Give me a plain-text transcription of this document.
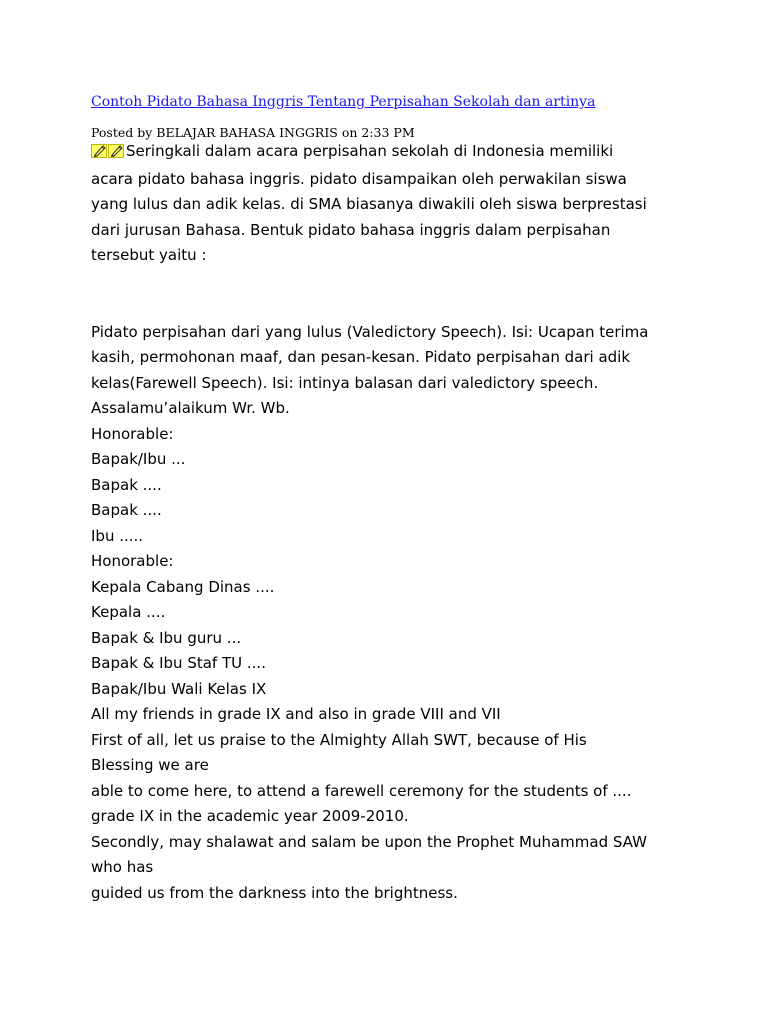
Contoh Pidato Bahasa Inggris Tentang Perpisahan Sekolah dan artinya
Posted by BELAJAR BAHASA INGGRIS on 2:33 PM
Seringkali dalam acara perpisahan sekolah di Indonesia memiliki
acara pidato bahasa inggris. pidato disampaikan oleh perwakilan siswa
yang lulus dan adik kelas. di SMA biasanya diwakili oleh siswa berprestasi
dari jurusan Bahasa. Bentuk pidato bahasa inggris dalam perpisahan
tersebut yaitu :
Pidato perpisahan dari yang lulus (Valedictory Speech). Isi: Ucapan terima
kasih, permohonan maaf, dan pesan-kesan. Pidato perpisahan dari adik
kelas(Farewell Speech). Isi: intinya balasan dari valedictory speech.
Assalamu’alaikum Wr. Wb.
Honorable:
Bapak/Ibu ...
Bapak ....
Bapak ....
Ibu .....
Honorable:
Kepala Cabang Dinas ....
Kepala ....
Bapak & Ibu guru ...
Bapak & Ibu Staf TU ....
Bapak/Ibu Wali Kelas IX
All my friends in grade IX and also in grade VIII and VII
First of all, let us praise to the Almighty Allah SWT, because of His
Blessing we are
able to come here, to attend a farewell ceremony for the students of ....
grade IX in the academic year 2009-2010.
Secondly, may shalawat and salam be upon the Prophet Muhammad SAW
who has
guided us from the darkness into the brightness.
